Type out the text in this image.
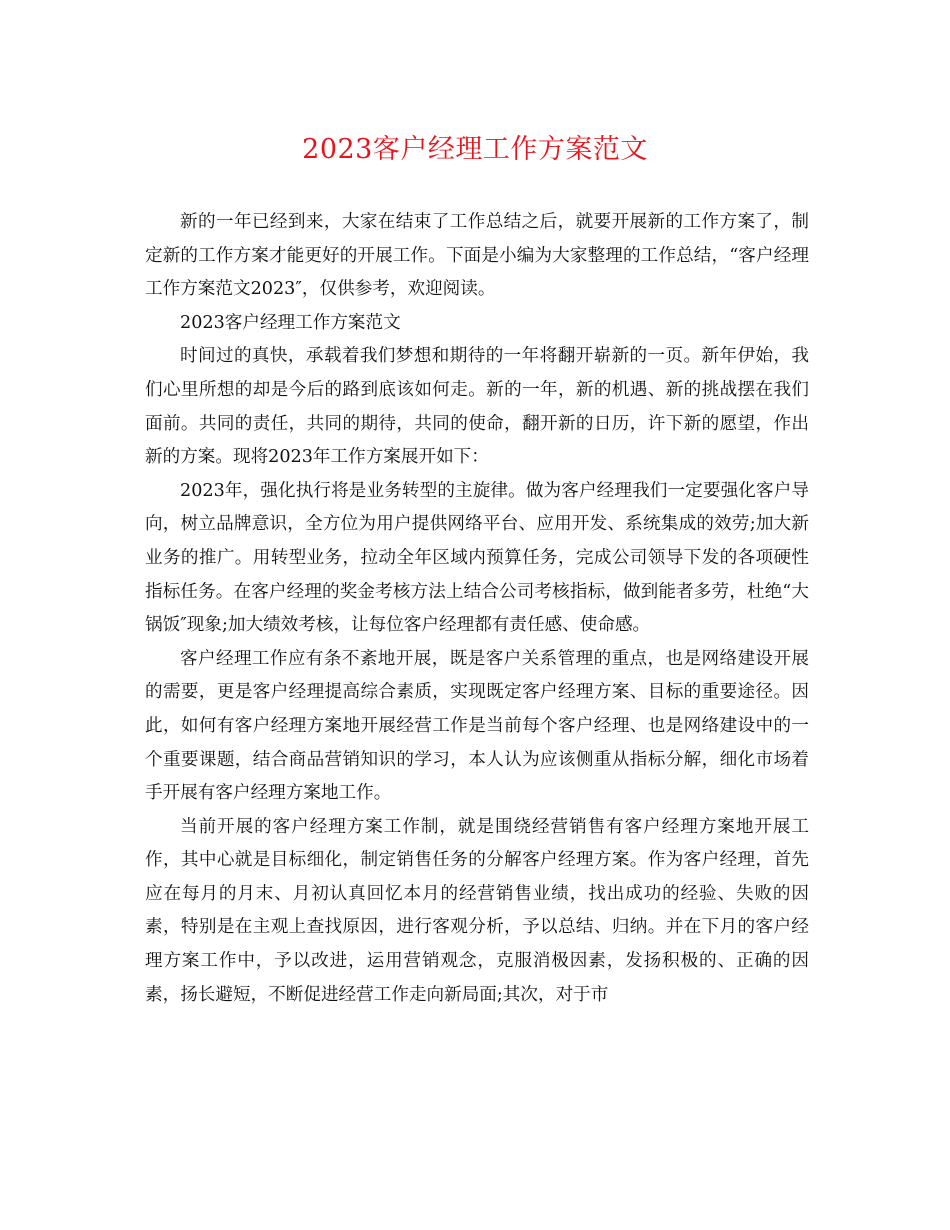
2023客户经理工作方案范文

新的一年已经到来，大家在结束了工作总结之后，就要开展新的工作方案了，制定新的工作方案才能更好的开展工作。下面是小编为大家整理的工作总结，“客户经理工作方案范文2023″，仅供参考，欢迎阅读。

2023客户经理工作方案范文

时间过的真快，承载着我们梦想和期待的一年将翻开崭新的一页。新年伊始，我们心里所想的却是今后的路到底该如何走。新的一年，新的机遇、新的挑战摆在我们面前。共同的责任，共同的期待，共同的使命，翻开新的日历，许下新的愿望，作出新的方案。现将2023年工作方案展开如下：

2023年，强化执行将是业务转型的主旋律。做为客户经理我们一定要强化客户导向，树立品牌意识，全方位为用户提供网络平台、应用开发、系统集成的效劳;加大新业务的推广。用转型业务，拉动全年区域内预算任务，完成公司领导下发的各项硬性指标任务。在客户经理的奖金考核方法上结合公司考核指标，做到能者多劳，杜绝“大锅饭″现象;加大绩效考核，让每位客户经理都有责任感、使命感。

客户经理工作应有条不紊地开展，既是客户关系管理的重点，也是网络建设开展的需要，更是客户经理提高综合素质，实现既定客户经理方案、目标的重要途径。因此，如何有客户经理方案地开展经营工作是当前每个客户经理、也是网络建设中的一个重要课题，结合商品营销知识的学习，本人认为应该侧重从指标分解，细化市场着手开展有客户经理方案地工作。

当前开展的客户经理方案工作制，就是围绕经营销售有客户经理方案地开展工作，其中心就是目标细化，制定销售任务的分解客户经理方案。作为客户经理，首先应在每月的月末、月初认真回忆本月的经营销售业绩，找出成功的经验、失败的因素，特别是在主观上查找原因，进行客观分析，予以总结、归纳。并在下月的客户经理方案工作中，予以改进，运用营销观念，克服消极因素，发扬积极的、正确的因素，扬长避短，不断促进经营工作走向新局面;其次，对于市
